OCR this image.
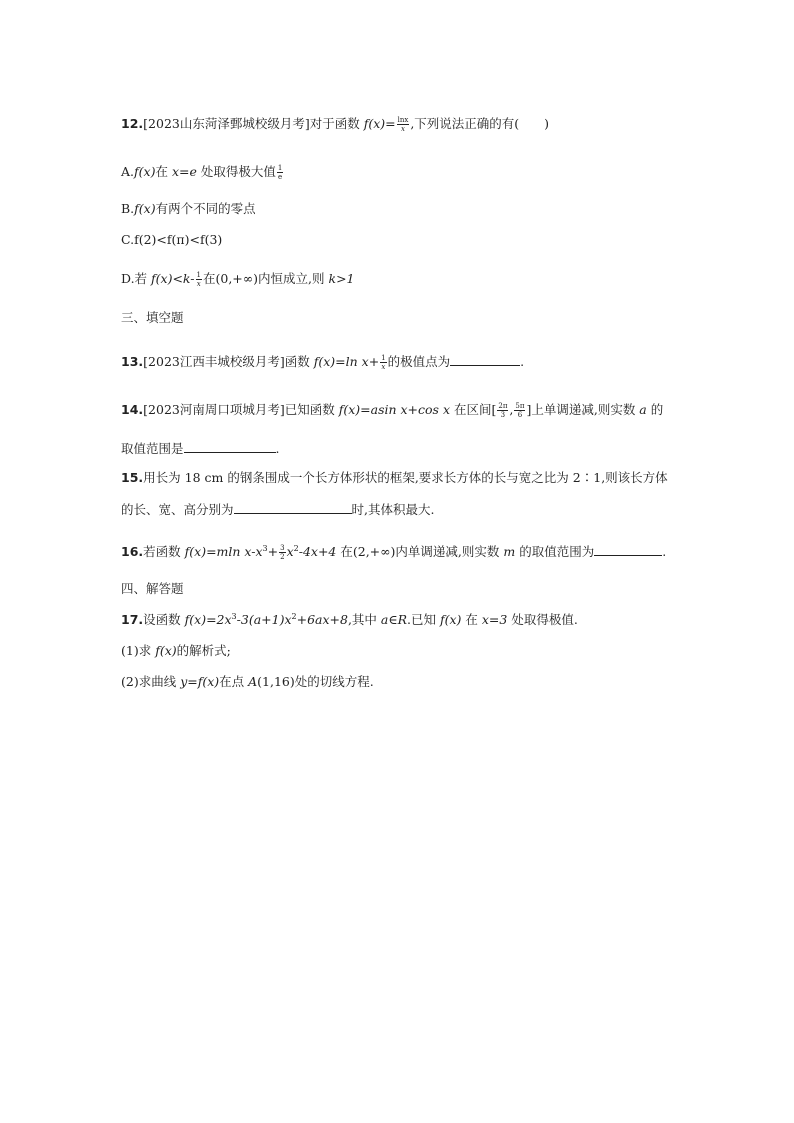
12.[2023山东菏泽鄄城校级月考]对于函数 $f(x)= \frac{\ln x}{x}$ ,下列说法正确的有(　　)
A.f(x)在 x=e 处取得极大值 $\frac{1}{e}$
B.f(x)有两个不同的零点
C.f(2)<f(π)<f(3)
D.若 $f(x)<k- \frac{1}{x}$ 在(0,+∞)内恒成立,则 k>1
三、填空题
13.[2023江西丰城校级月考]函数 f(x)=ln $x+ \frac{1}{x}$ 的极值点为	.
14.[2023河南周口项城月考]已知函数 f(x)=asin x+cos x 在区间[ $\frac{2\pi}{3}$ , $\frac{5\pi}{6}$ ]上单调递减,则实数 a 的
取值范围是	.
15.用长为 18 cm 的钢条围成一个长方体形状的框架,要求长方体的长与宽之比为 2∶1,则该长方体
的长、宽、高分别为	时,其体积最大.
16.若函数 f(x)=mln $x-x^3+ \frac{3}{2} x^2-4x+4$ 在(2,+∞)内单调递减,则实数 m 的取值范围为	.
四、解答题
17.设函数 $f(x)=2x^3-3(a+1)x^2+6ax+8$,其中 a∈R.已知 f(x) 在 x=3 处取得极值.
(1)求 f(x)的解析式;
(2)求曲线 y=f(x)在点 A(1,16)处的切线方程.
